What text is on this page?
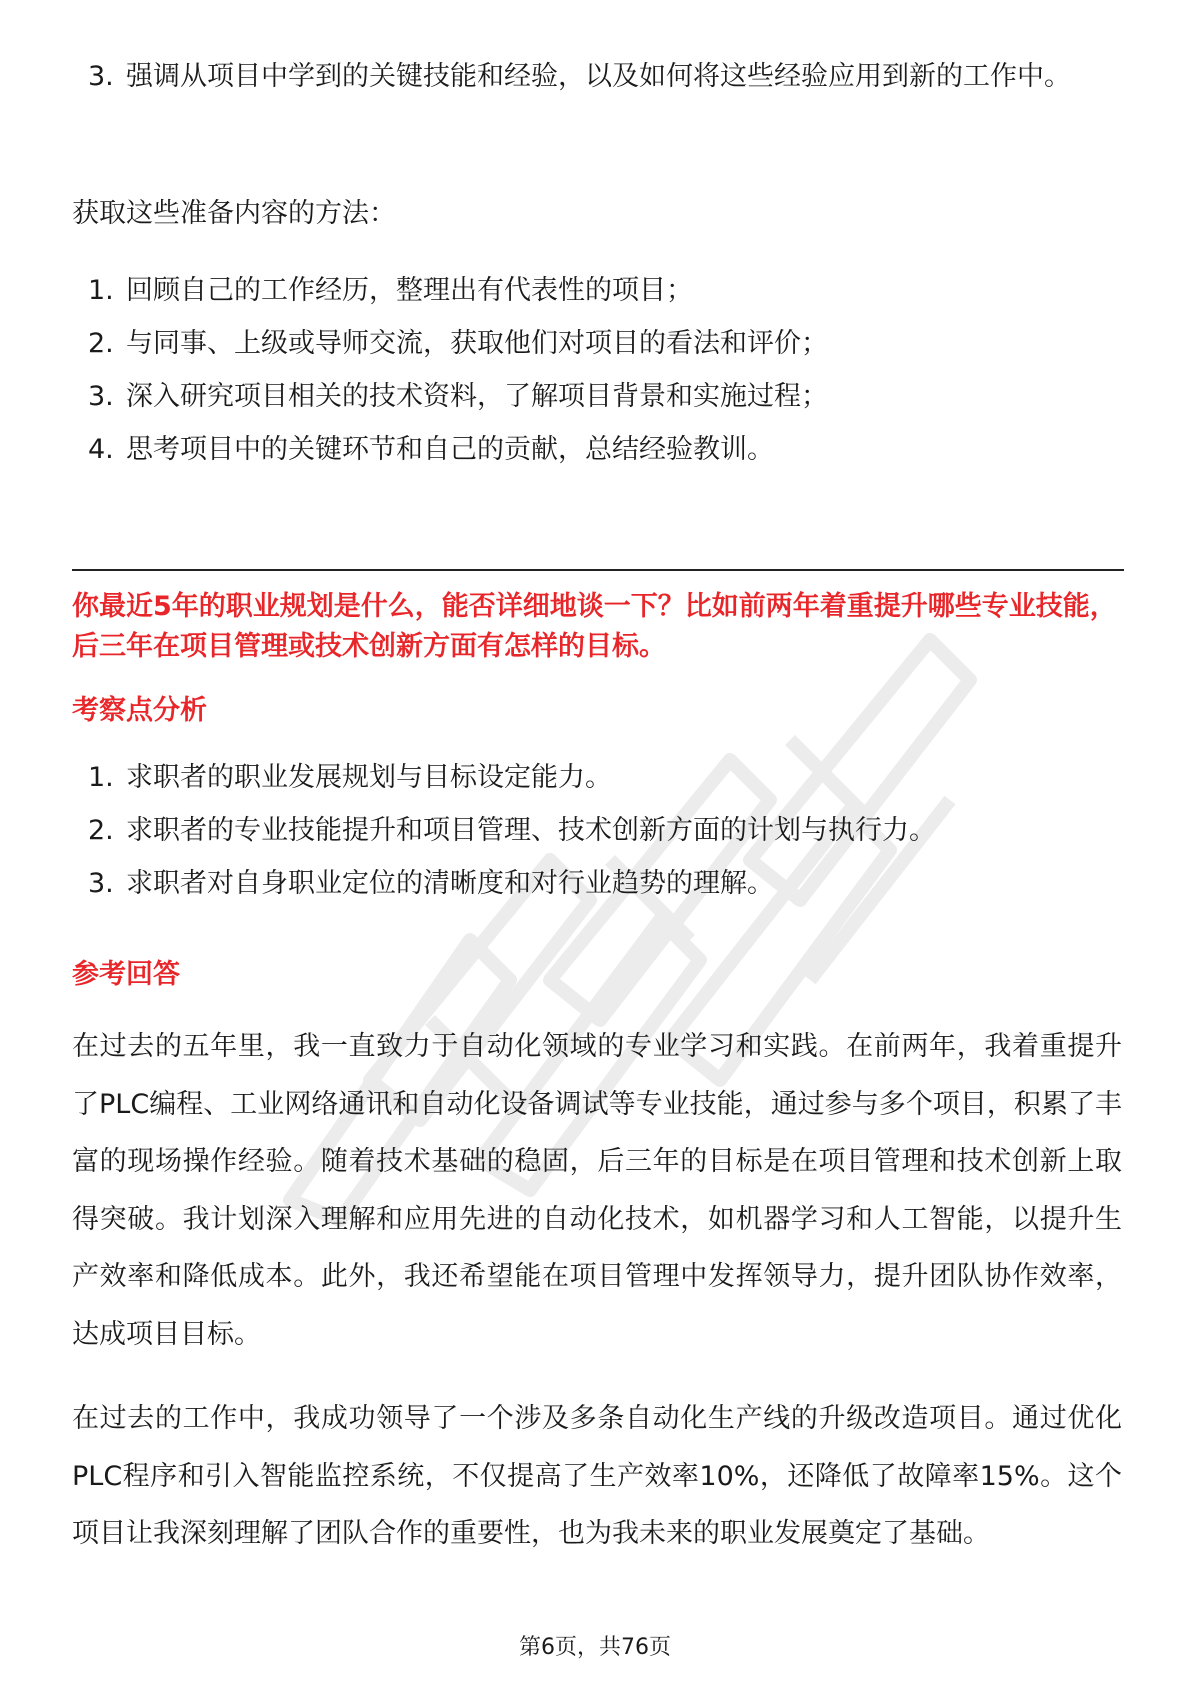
3. 强调从项目中学到的关键技能和经验，以及如何将这些经验应用到新的工作中。
获取这些准备内容的方法：
1. 回顾自己的工作经历，整理出有代表性的项目；
2. 与同事、上级或导师交流，获取他们对项目的看法和评价；
3. 深入研究项目相关的技术资料，了解项目背景和实施过程；
4. 思考项目中的关键环节和自己的贡献，总结经验教训。
你最近5年的职业规划是什么，能否详细地谈一下？比如前两年着重提升哪些专业技能，后三年在项目管理或技术创新方面有怎样的目标。
考察点分析
1. 求职者的职业发展规划与目标设定能力。
2. 求职者的专业技能提升和项目管理、技术创新方面的计划与执行力。
3. 求职者对自身职业定位的清晰度和对行业趋势的理解。
参考回答
在过去的五年里，我一直致力于自动化领域的专业学习和实践。在前两年，我着重提升了PLC编程、工业网络通讯和自动化设备调试等专业技能，通过参与多个项目，积累了丰富的现场操作经验。随着技术基础的稳固，后三年的目标是在项目管理和技术创新上取得突破。我计划深入理解和应用先进的自动化技术，如机器学习和人工智能，以提升生产效率和降低成本。此外，我还希望能在项目管理中发挥领导力，提升团队协作效率，达成项目目标。
在过去的工作中，我成功领导了一个涉及多条自动化生产线的升级改造项目。通过优化PLC程序和引入智能监控系统，不仅提高了生产效率10%，还降低了故障率15%。这个项目让我深刻理解了团队合作的重要性，也为我未来的职业发展奠定了基础。
第6页，共76页
